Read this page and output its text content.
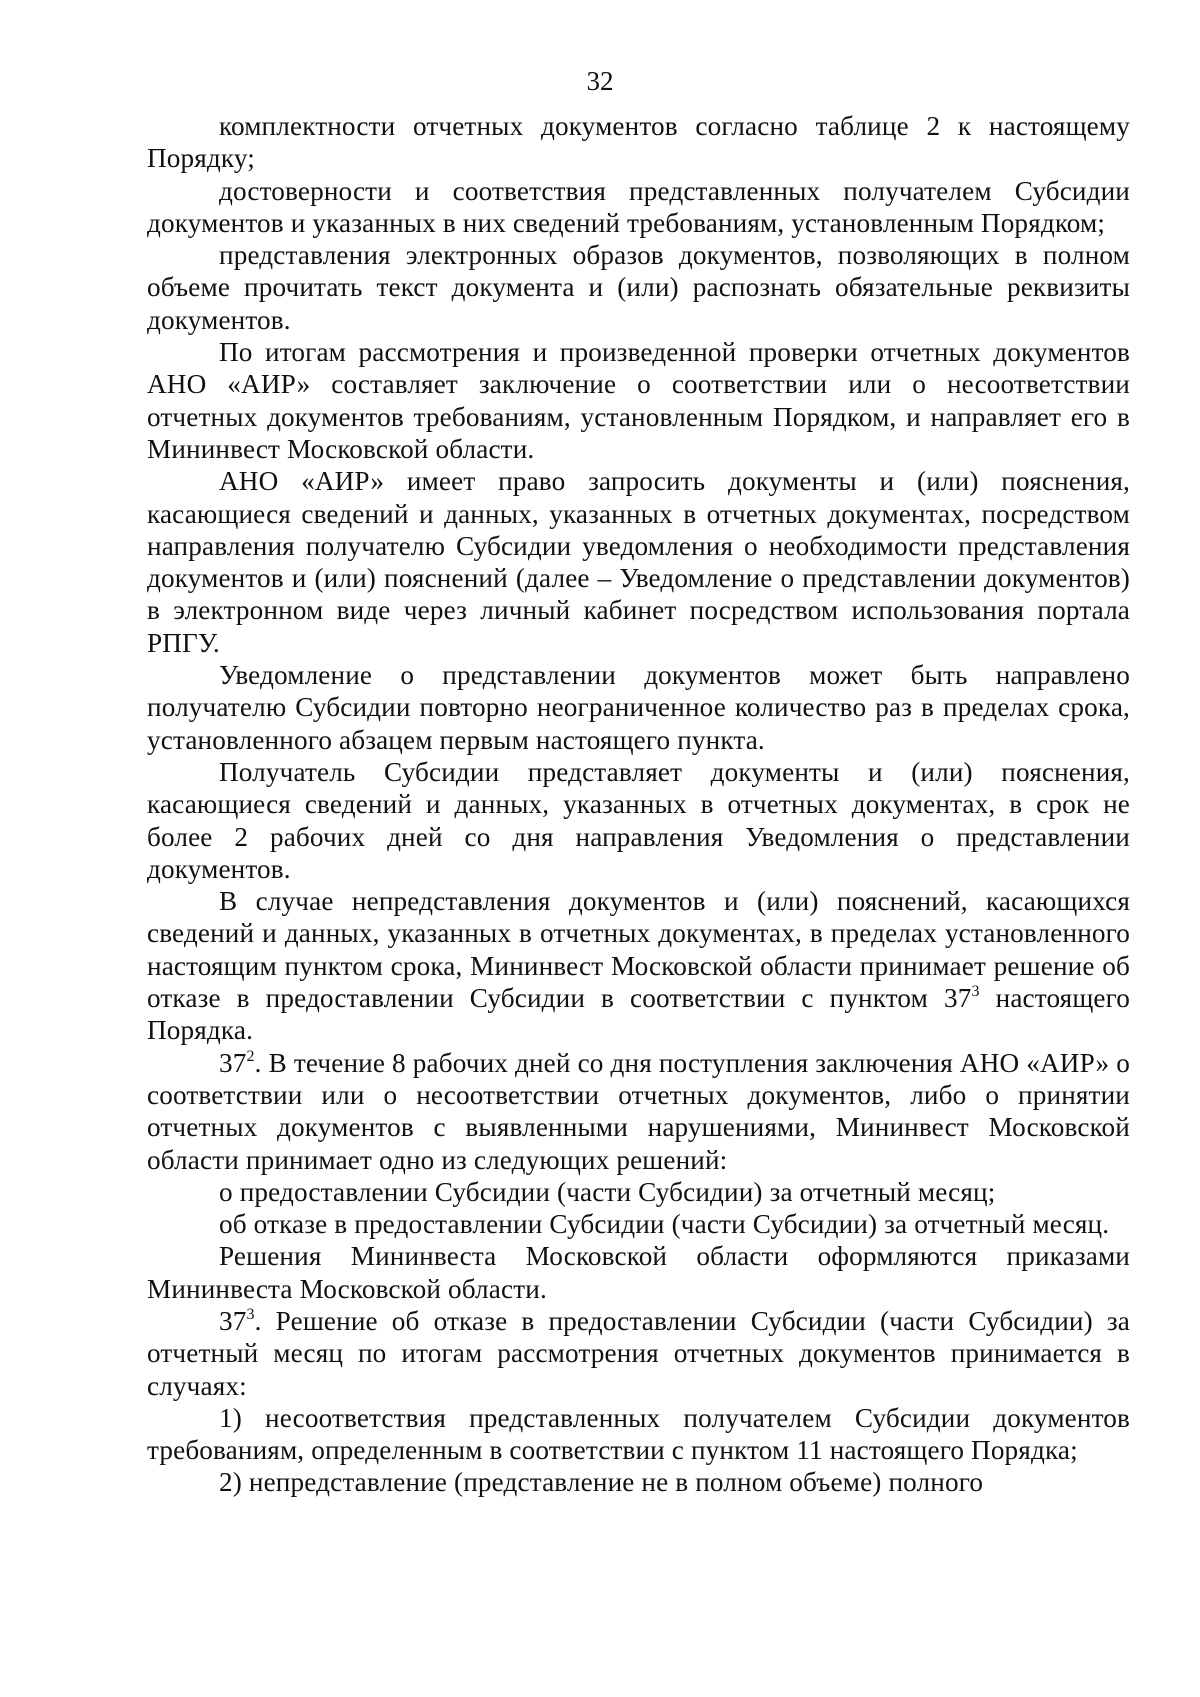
32

комплектности отчетных документов согласно таблице 2 к настоящему Порядку;

достоверности и соответствия представленных получателем Субсидии документов и указанных в них сведений требованиям, установленным Порядком;

представления электронных образов документов, позволяющих в полном объеме прочитать текст документа и (или) распознать обязательные реквизиты документов.

По итогам рассмотрения и произведенной проверки отчетных документов АНО «АИР» составляет заключение о соответствии или о несоответствии отчетных документов требованиям, установленным Порядком, и направляет его в Мининвест Московской области.

АНО «АИР» имеет право запросить документы и (или) пояснения, касающиеся сведений и данных, указанных в отчетных документах, посредством направления получателю Субсидии уведомления о необходимости представления документов и (или) пояснений (далее – Уведомление о представлении документов) в электронном виде через личный кабинет посредством использования портала РПГУ.

Уведомление о представлении документов может быть направлено получателю Субсидии повторно неограниченное количество раз в пределах срока, установленного абзацем первым настоящего пункта.

Получатель Субсидии представляет документы и (или) пояснения, касающиеся сведений и данных, указанных в отчетных документах, в срок не более 2 рабочих дней со дня направления Уведомления о представлении документов.

В случае непредставления документов и (или) пояснений, касающихся сведений и данных, указанных в отчетных документах, в пределах установленного настоящим пунктом срока, Мининвест Московской области принимает решение об отказе в предоставлении Субсидии в соответствии с пунктом $37^3$ настоящего Порядка.

$37^2$. В течение 8 рабочих дней со дня поступления заключения АНО «АИР» о соответствии или о несоответствии отчетных документов, либо о принятии отчетных документов с выявленными нарушениями, Мининвест Московской области принимает одно из следующих решений:

о предоставлении Субсидии (части Субсидии) за отчетный месяц;

об отказе в предоставлении Субсидии (части Субсидии) за отчетный месяц.

Решения Мининвеста Московской области оформляются приказами Мининвеста Московской области.

$37^3$. Решение об отказе в предоставлении Субсидии (части Субсидии) за отчетный месяц по итогам рассмотрения отчетных документов принимается в случаях:

1) несоответствия представленных получателем Субсидии документов требованиям, определенным в соответствии с пунктом 11 настоящего Порядка;

2) непредставление (представление не в полном объеме) полного
